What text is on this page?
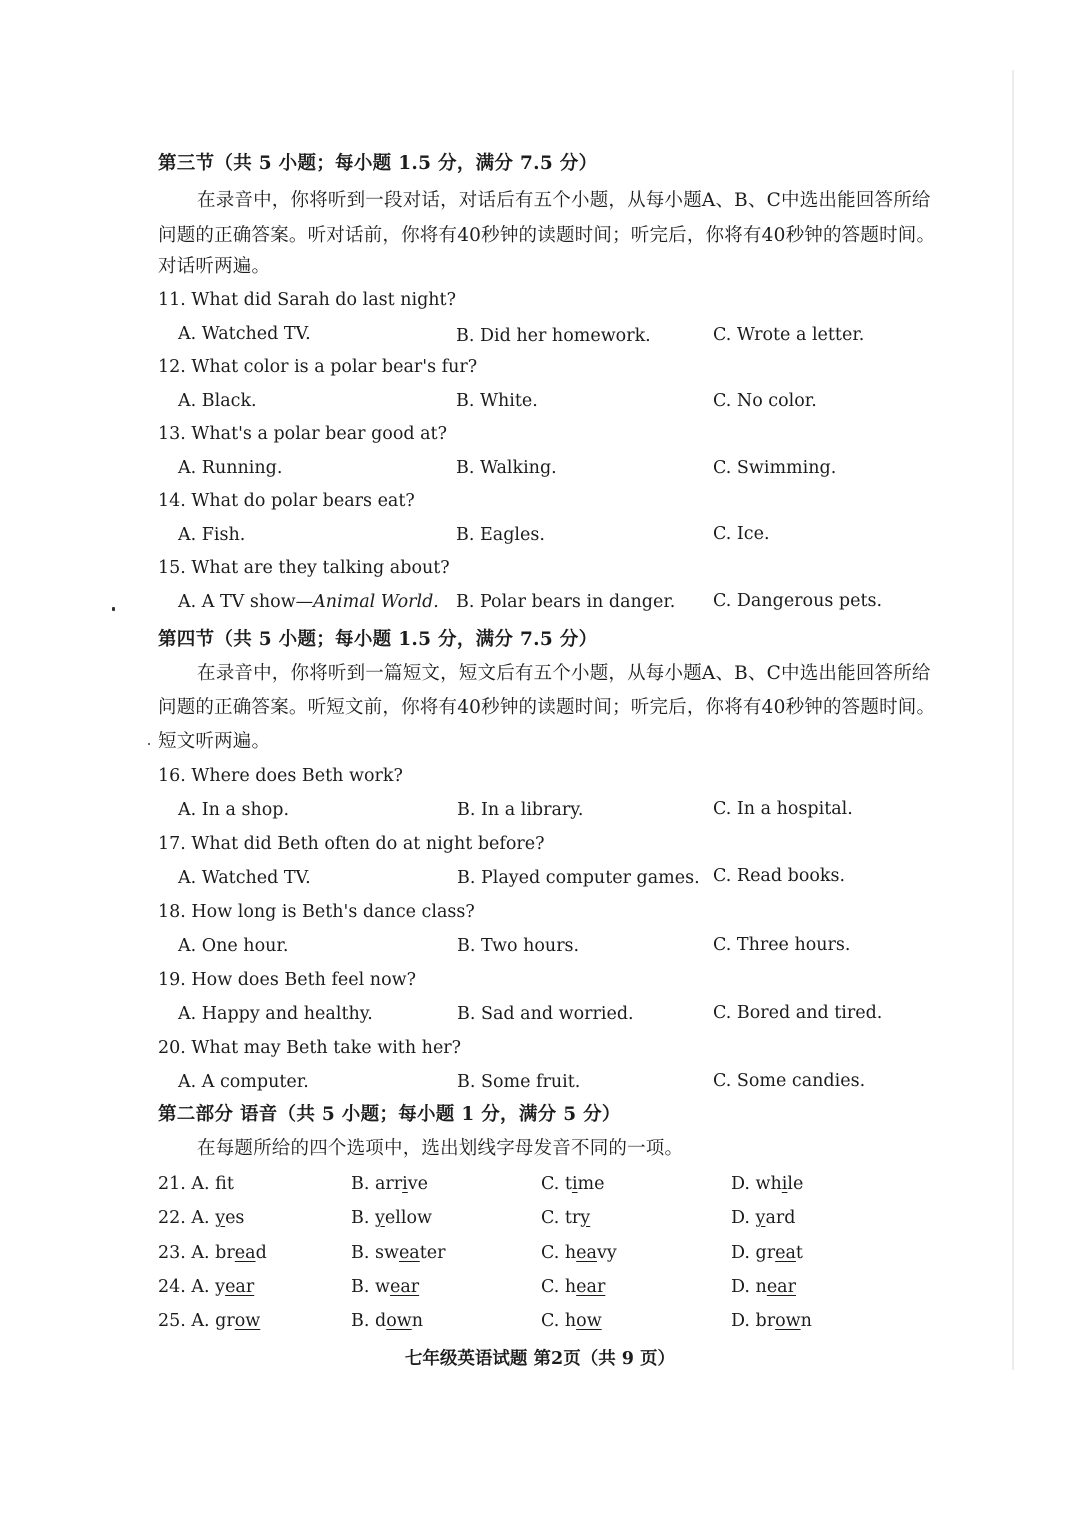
第三节（共 5 小题；每小题 1.5 分，满分 7.5 分）
在录音中，你将听到一段对话，对话后有五个小题，从每小题A、B、C中选出能回答所给
问题的正确答案。听对话前，你将有40秒钟的读题时间；听完后，你将有40秒钟的答题时间。
对话听两遍。
11. What did Sarah do last night?
A. Watched TV.	B. Did her homework.	C. Wrote a letter.
12. What color is a polar bear's fur?
A. Black.	B. White.	C. No color.
13. What's a polar bear good at?
A. Running.	B. Walking.	C. Swimming.
14. What do polar bears eat?
A. Fish.	B. Eagles.	C. Ice.
15. What are they talking about?
A. A TV show—Animal World. B. Polar bears in danger. C. Dangerous pets.
第四节（共 5 小题；每小题 1.5 分，满分 7.5 分）
在录音中，你将听到一篇短文，短文后有五个小题，从每小题A、B、C中选出能回答所给
问题的正确答案。听短文前，你将有40秒钟的读题时间；听完后，你将有40秒钟的答题时间。
短文听两遍。
16. Where does Beth work?
A. In a shop.	B. In a library.	C. In a hospital.
17. What did Beth often do at night before?
A. Watched TV.	B. Played computer games. C. Read books.
18. How long is Beth's dance class?
A. One hour.	B. Two hours.	C. Three hours.
19. How does Beth feel now?
A. Happy and healthy.	B. Sad and worried.	C. Bored and tired.
20. What may Beth take with her?
A. A computer.	B. Some fruit.	C. Some candies.
第二部分 语音（共 5 小题；每小题 1 分，满分 5 分）
在每题所给的四个选项中，选出划线字母发音不同的一项。
21. A. ft	B. arrive	C. time	D. while
22. A. yes	B. yellow	C. try	D. yard
23. A. bread	B. sweater	C. heavy	D. great
24. A. year	B. wear	C. hear	D. near
25. A. grow	B. down	C. how	D. brown
七年级英语试题 第2页（共 9 页）
